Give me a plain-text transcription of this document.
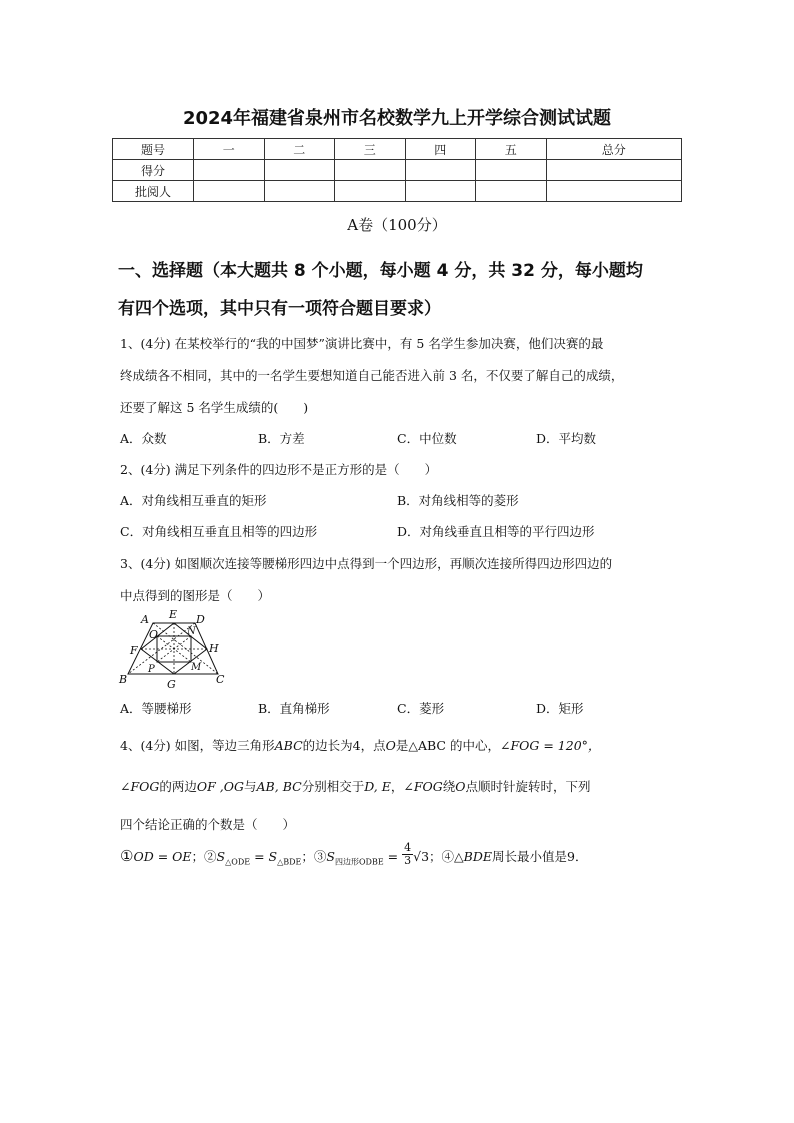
2024年福建省泉州市名校数学九上开学综合测试试题
题号	一	二	三	四	五	总分
得分						
批阅人						
A卷（100分）
一、选择题（本大题共 8 个小题，每小题 4 分，共 32 分，每小题均
有四个选项，其中只有一项符合题目要求）
1、(4分) 在某校举行的“我的中国梦”演讲比赛中，有 5 名学生参加决赛，他们决赛的最
终成绩各不相同，其中的一名学生要想知道自己能否进入前 3 名，不仅要了解自己的成绩，
还要了解这 5 名学生成绩的(　　)
A．众数	B．方差	C．中位数	D．平均数
2、(4分) 满足下列条件的四边形不是正方形的是（　　）
A．对角线相互垂直的矩形	B．对角线相等的菱形
C．对角线相互垂直且相等的四边形	D．对角线垂直且相等的平行四边形
3、(4分) 如图顺次连接等腰梯形四边中点得到一个四边形，再顺次连接所得四边形四边的
中点得到的图形是（　　）
A E D
O	N
F	H
P	M
B	G	C
A．等腰梯形	B．直角梯形	C．菱形	D．矩形
4、(4分) 如图，等边三角形ABC的边长为4，点O是△ABC 的中心，∠FOG = 120°，
∠FOG的两边OF ,OG与AB, BC分别相交于D, E，∠FOG绕O点顺时针旋转时，下列
四个结论正确的个数是（　　）
①OD = OE；$②S_{\triangle ODE} = S_{\triangle BDE}$；$③S_{四边形ODBE} = \frac{4}{3} √3$；④△BDE周长最小值是9．
